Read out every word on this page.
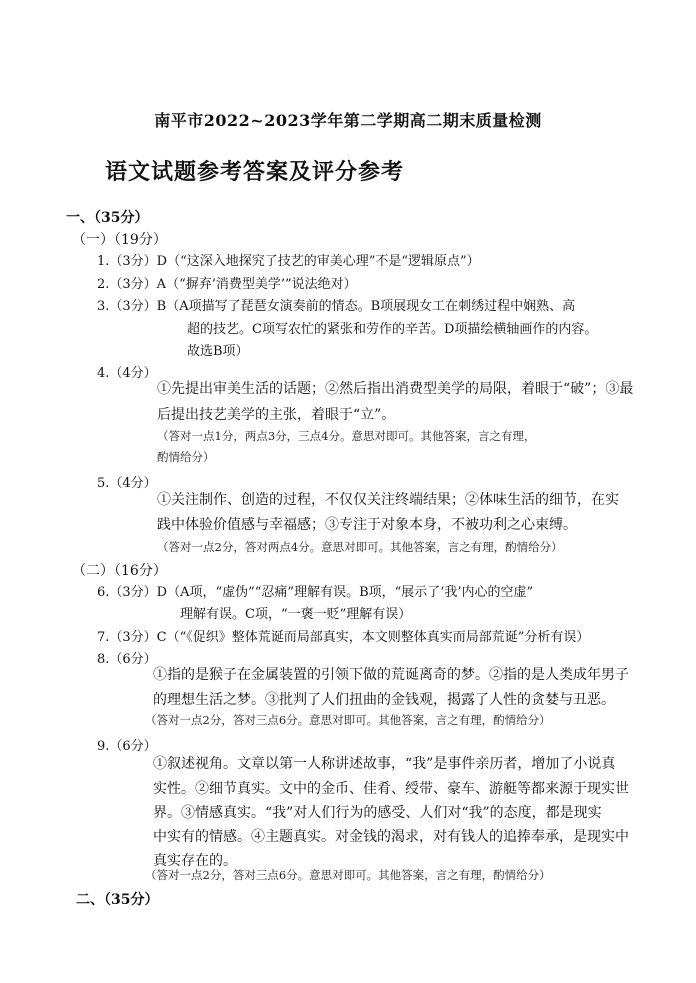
南平市2022~2023学年第二学期高二期末质量检测
语文试题参考答案及评分参考
一、（35分）
（一）（19分）
1.（3分）D（“这深入地探究了技艺的审美心理”不是“逻辑原点”）
2.（3分）A（“摒弃‘消费型美学’”说法绝对）
3.（3分）B（A项描写了琵琶女演奏前的情态。B项展现女工在刺绣过程中娴熟、高
超的技艺。C项写农忙的紧张和劳作的辛苦。D项描绘横轴画作的内容。
故选B项）
4.（4分）
①先提出审美生活的话题；②然后指出消费型美学的局限，着眼于“破”；③最
后提出技艺美学的主张，着眼于“立”。
（答对一点1分，两点3分，三点4分。意思对即可。其他答案，言之有理，
酌情给分）
5.（4分）
①关注制作、创造的过程，不仅仅关注终端结果；②体味生活的细节，在实
践中体验价值感与幸福感；③专注于对象本身，不被功利之心束缚。
（答对一点2分，答对两点4分。意思对即可。其他答案，言之有理，酌情给分）
（二）（16分）
6.（3分）D（A项，“虚伪”“忍痛”理解有误。B项，“展示了‘我’内心的空虚”
理解有误。C项，“一褒一贬”理解有误）
7.（3分）C（“《促织》整体荒诞而局部真实，本文则整体真实而局部荒诞”分析有误）
8.（6分）
①指的是猴子在金属装置的引领下做的荒诞离奇的梦。②指的是人类成年男子
的理想生活之梦。③批判了人们扭曲的金钱观，揭露了人性的贪婪与丑恶。
（答对一点2分，答对三点6分。意思对即可。其他答案，言之有理，酌情给分）
9.（6分）
①叙述视角。文章以第一人称讲述故事，“我”是事件亲历者，增加了小说真
实性。②细节真实。文中的金币、佳肴、绶带、豪车、游艇等都来源于现实世
界。③情感真实。“我”对人们行为的感受、人们对“我”的态度，都是现实
中实有的情感。④主题真实。对金钱的渴求，对有钱人的追捧奉承，是现实中
真实存在的。
（答对一点2分，答对三点6分。意思对即可。其他答案，言之有理，酌情给分）
二、（35分）
